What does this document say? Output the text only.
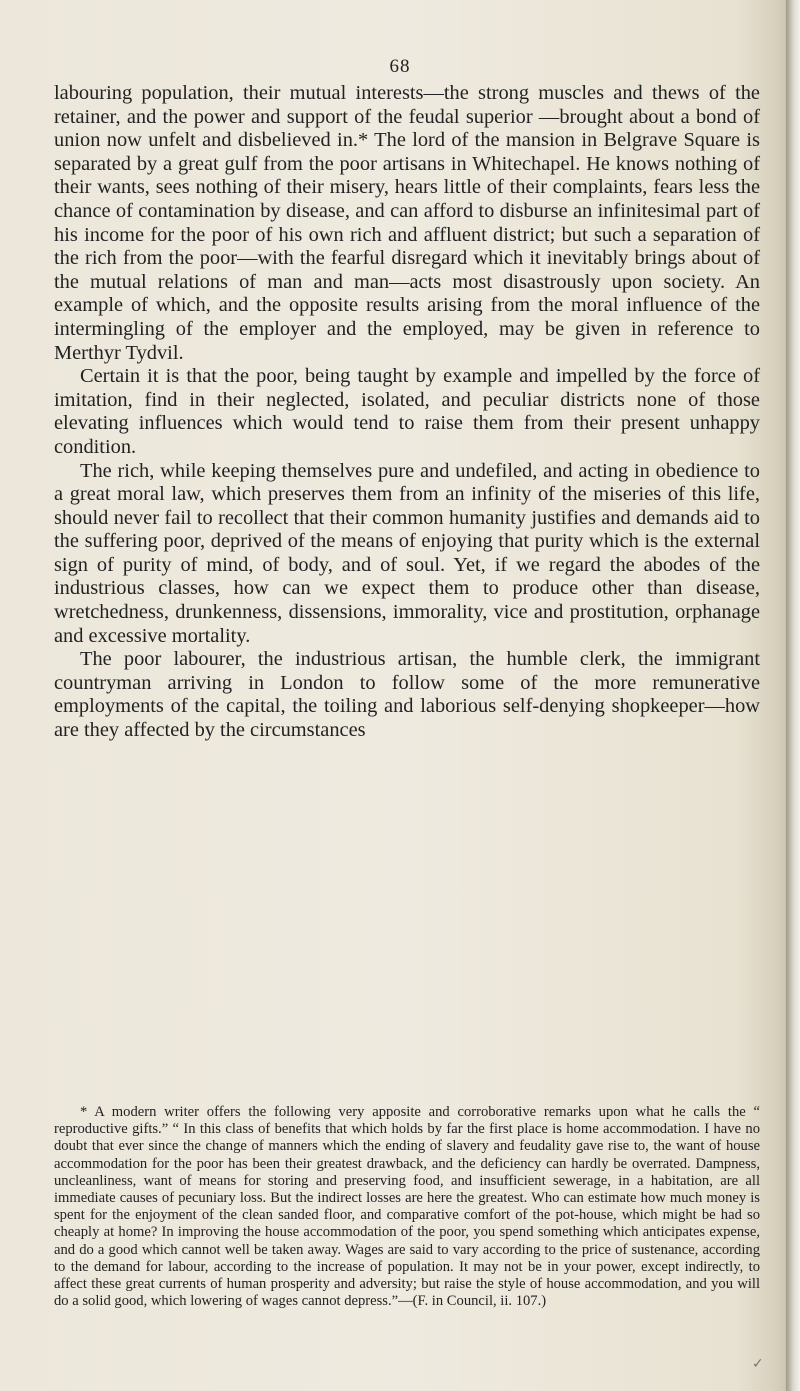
68

labouring population, their mutual interests—the strong muscles and thews of the retainer, and the power and support of the feudal superior —brought about a bond of union now unfelt and disbelieved in.* The lord of the mansion in Belgrave Square is separated by a great gulf from the poor artisans in Whitechapel. He knows nothing of their wants, sees nothing of their misery, hears little of their complaints, fears less the chance of contamination by disease, and can afford to disburse an infinitesimal part of his income for the poor of his own rich and affluent district; but such a separation of the rich from the poor—with the fearful disregard which it inevitably brings about of the mutual relations of man and man—acts most disastrously upon society. An example of which, and the opposite results arising from the moral influence of the intermingling of the employer and the employed, may be given in reference to Merthyr Tydvil.

Certain it is that the poor, being taught by example and impelled by the force of imitation, find in their neglected, isolated, and peculiar districts none of those elevating influences which would tend to raise them from their present unhappy condition.

The rich, while keeping themselves pure and undefiled, and acting in obedience to a great moral law, which preserves them from an infinity of the miseries of this life, should never fail to recollect that their common humanity justifies and demands aid to the suffering poor, deprived of the means of enjoying that purity which is the external sign of purity of mind, of body, and of soul. Yet, if we regard the abodes of the industrious classes, how can we expect them to produce other than disease, wretchedness, drunkenness, dissensions, immorality, vice and prostitution, orphanage and excessive mortality.

The poor labourer, the industrious artisan, the humble clerk, the immigrant countryman arriving in London to follow some of the more remunerative employments of the capital, the toiling and laborious self-denying shopkeeper—how are they affected by the circumstances

* A modern writer offers the following very apposite and corroborative remarks upon what he calls the “ reproductive gifts.” “ In this class of benefits that which holds by far the first place is home accommodation. I have no doubt that ever since the change of manners which the ending of slavery and feudality gave rise to, the want of house accommodation for the poor has been their greatest drawback, and the deficiency can hardly be overrated. Dampness, uncleanliness, want of means for storing and preserving food, and insufficient sewerage, in a habitation, are all immediate causes of pecuniary loss. But the indirect losses are here the greatest. Who can estimate how much money is spent for the enjoyment of the clean sanded floor, and comparative comfort of the pot-house, which might be had so cheaply at home? In improving the house accommodation of the poor, you spend something which anticipates expense, and do a good which cannot well be taken away. Wages are said to vary according to the price of sustenance, according to the demand for labour, according to the increase of population. It may not be in your power, except indirectly, to affect these great currents of human prosperity and adversity; but raise the style of house accommodation, and you will do a solid good, which lowering of wages cannot depress.”—(F. in Council, ii. 107.)

✓
